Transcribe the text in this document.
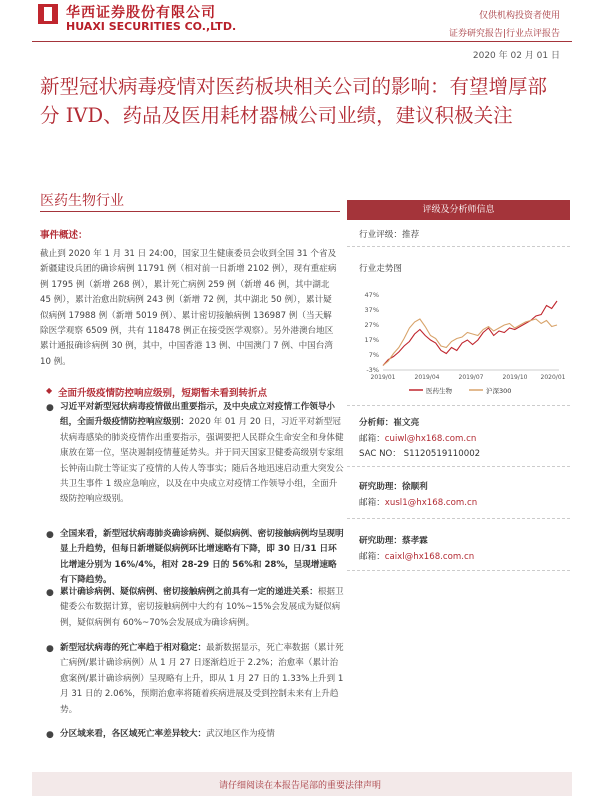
华西证券股份有限公司
HUAXI SECURITIES CO.,LTD.
仅供机构投资者使用
证券研究报告|行业点评报告
2020 年 02 月 01 日
新型冠状病毒疫情对医药板块相关公司的影响：有望增厚部分 IVD、药品及医用耗材器械公司业绩，建议积极关注
医药生物行业
事件概述：
截止到 2020 年 1 月 31 日 24:00，国家卫生健康委员会收到全国 31 个省及新疆建设兵团的确诊病例 11791 例（相对前一日新增 2102 例），现有重症病例 1795 例（新增 268 例），累计死亡病例 259 例（新增 46 例，其中湖北 45 例），累计治愈出院病例 243 例（新增 72 例，其中湖北 50 例），累计疑似病例 17988 例（新增 5019 例）、累计密切接触病例 136987 例（当天解除医学观察 6509 例，共有 118478 例正在接受医学观察）。另外港澳台地区累计通报确诊病例 30 例，其中，中国香港 13 例、中国澳门 7 例、中国台湾 10 例。
◆ 全面升级疫情防控响应级别，短期暂未看到转折点
● 习近平对新型冠状病毒疫情做出重要指示，及中央成立对疫情工作领导小组，全面升级疫情防控响应级别：2020 年 01 月 20 日，习近平对新型冠状病毒感染的肺炎疫情作出重要指示，强调要把人民群众生命安全和身体健康放在第一位，坚决遏制疫情蔓延势头。并于同天国家卫健委高级别专家组长钟南山院士等证实了疫情的人传人等事实；随后各地迅速启动重大突发公共卫生事件 1 级应急响应，以及在中央成立对疫情工作领导小组，全面升级防控响应级别。
● 全国来看，新型冠状病毒肺炎确诊病例、疑似病例、密切接触病例均呈现明显上升趋势，但每日新增疑似病例环比增速略有下降，即 30 日/31 日环比增速分别为 16%/4%，相对 28-29 日的 56%和 28%，呈现增速略有下降趋势。
● 累计确诊病例、疑似病例、密切接触病例之前具有一定的递进关系：根据卫健委公布数据计算，密切接触病例中大约有 10%~15%会发展成为疑似病例，疑似病例有 60%~70%会发展成为确诊病例。
● 新型冠状病毒的死亡率趋于相对稳定：最新数据显示，死亡率数据（累计死亡病例/累计确诊病例）从 1 月 27 日逐渐趋近于 2.2%；治愈率（累计治愈案例/累计确诊病例）呈现略有上升，即从 1 月 27 日的 1.33%上升到 1 月 31 日的 2.06%，预期治愈率将随着疾病进展及受到控制未来有上升趋势。
● 分区域来看，各区域死亡率差异较大：武汉地区作为疫情
评级及分析师信息
行业评级：推荐
行业走势图
47%
37%
27%
17%
7%
-3%
2019/01	2019/04	2019/07	2019/10 2020/01
医药生物	沪深300
分析师：崔文亮
邮箱：cuiwl@hx168.com.cn
SAC NO： S1120519110002
研究助理：徐顺利
邮箱：xusl1@hx168.com.cn
研究助理：蔡孝霖
邮箱：caixl@hx168.com.cn
请仔细阅读在本报告尾部的重要法律声明
